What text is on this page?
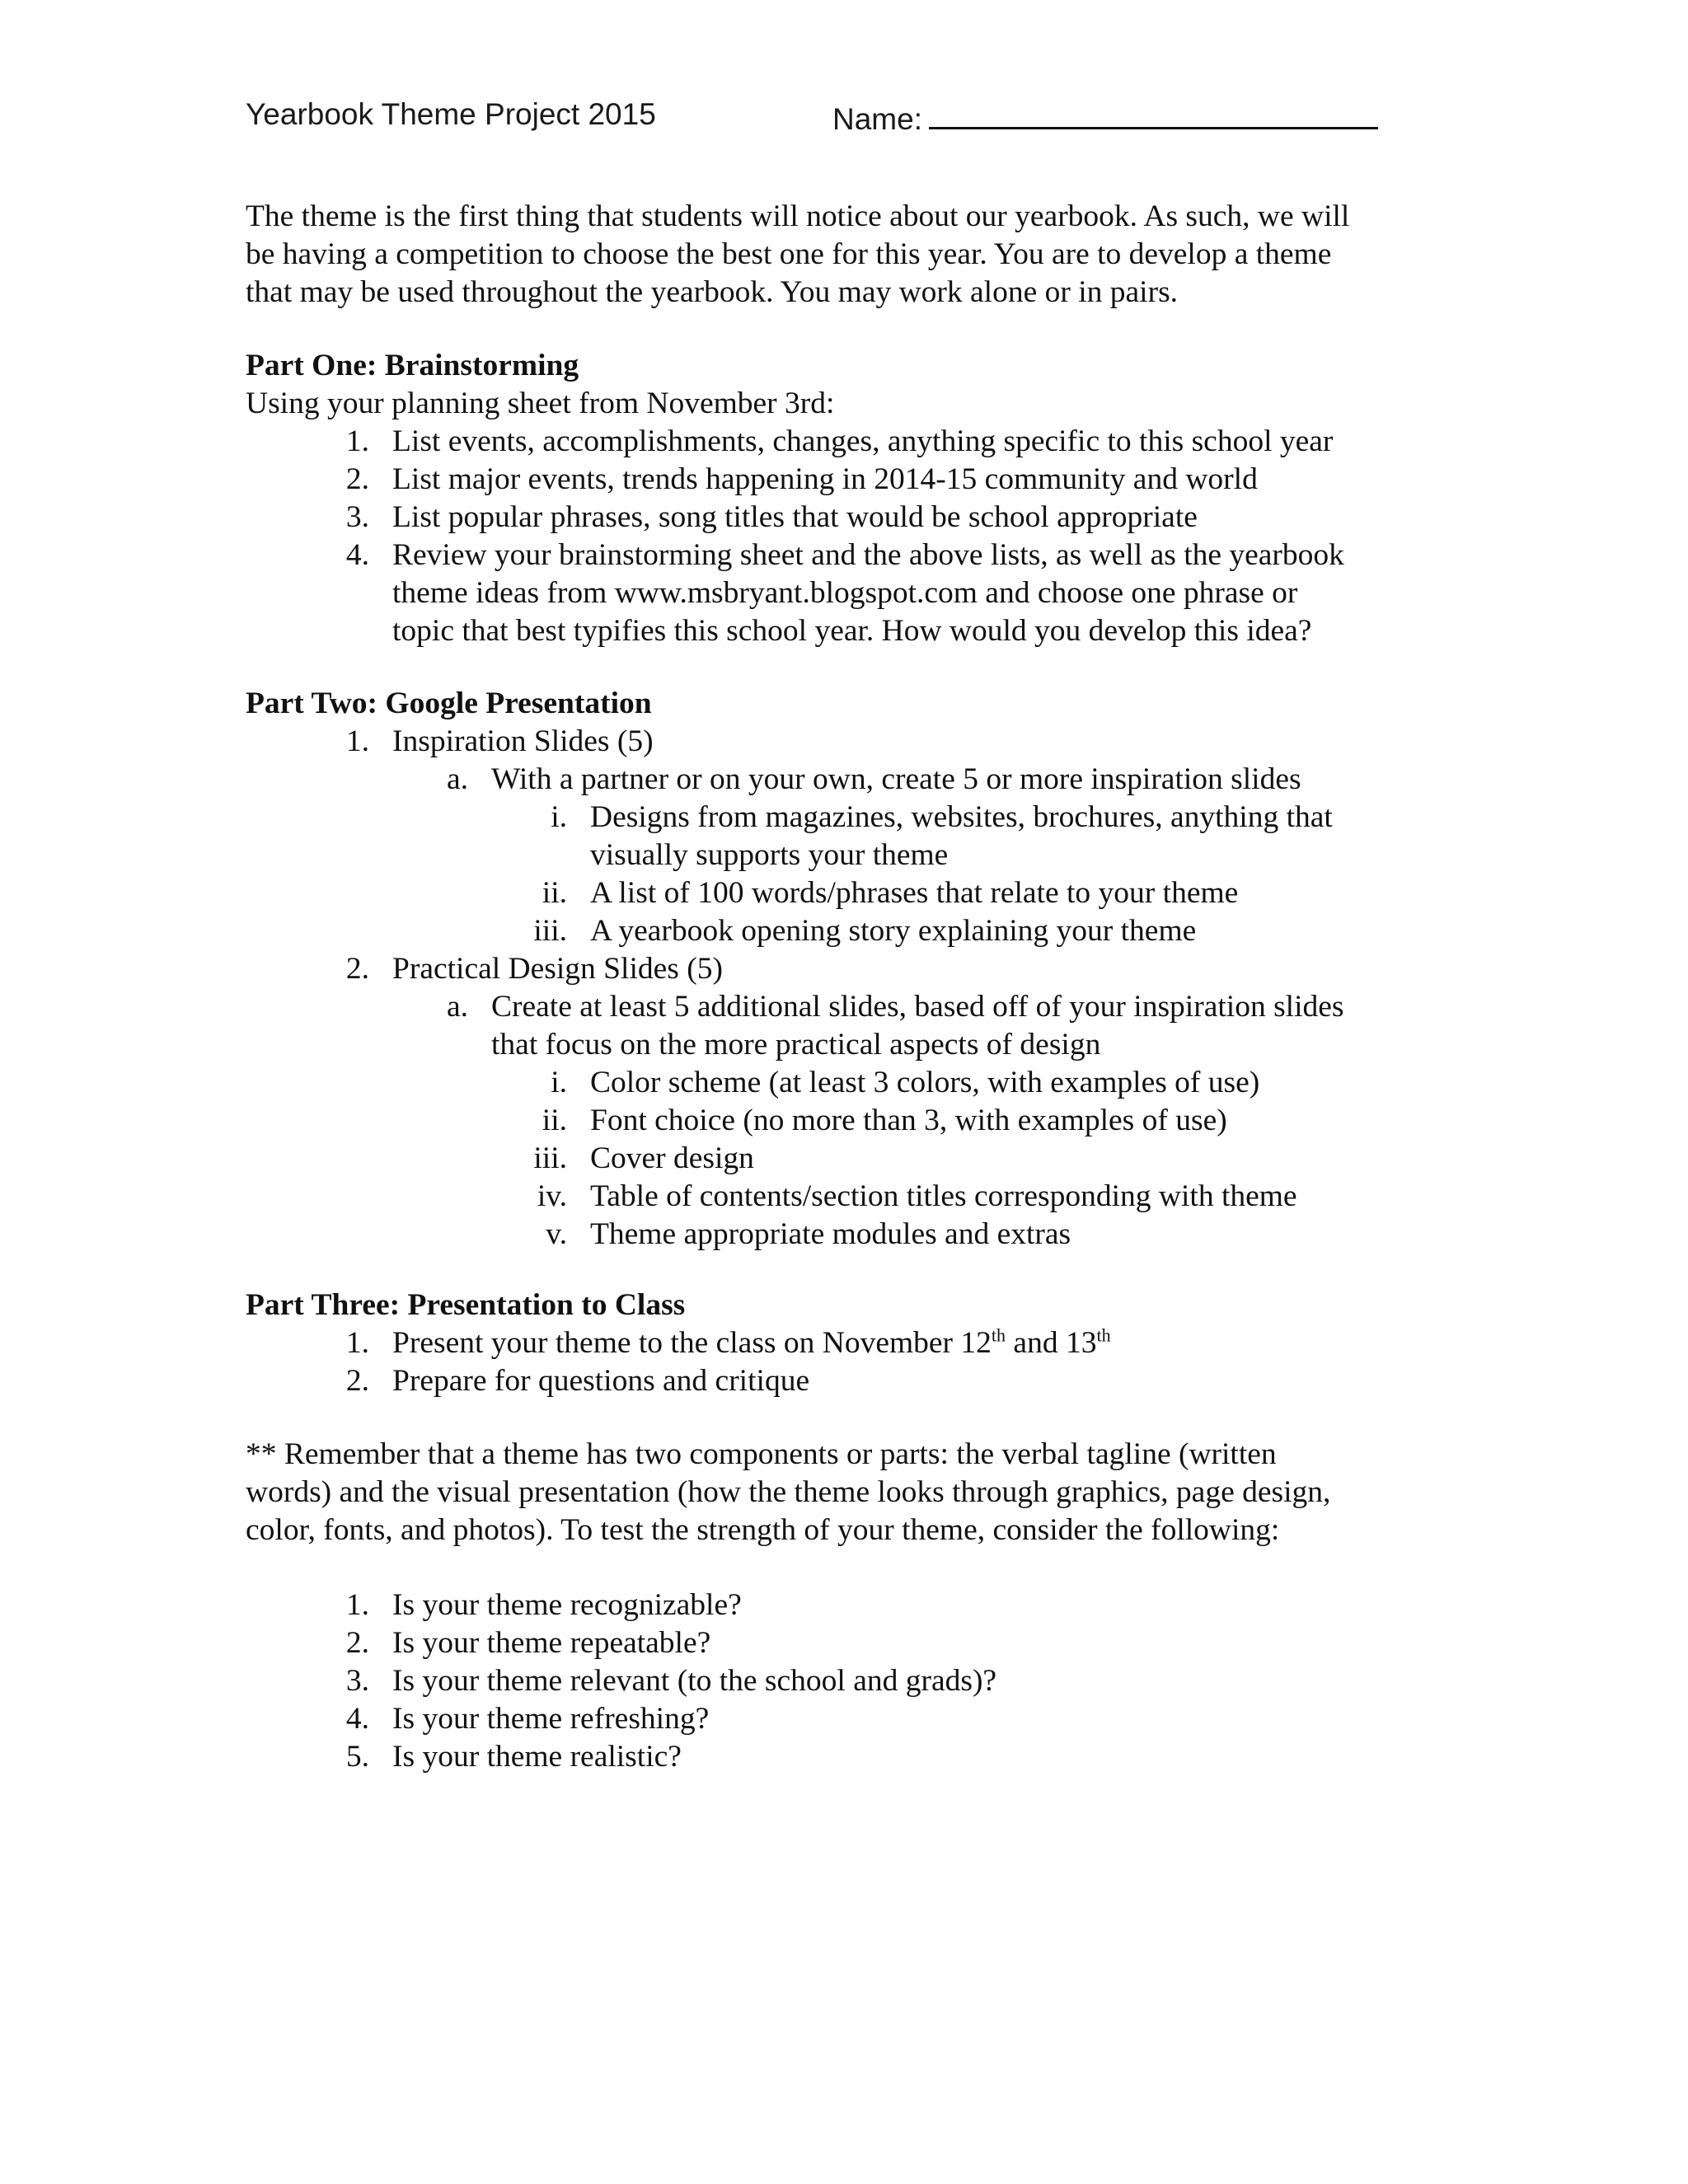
Yearbook Theme Project 2015	Name:

The theme is the first thing that students will notice about our yearbook. As such, we will

be having a competition to choose the best one for this year. You are to develop a theme

that may be used throughout the yearbook. You may work alone or in pairs.

Part One: Brainstorming

Using your planning sheet from November 3rd:

1. List events, accomplishments, changes, anything specific to this school year
2. List major events, trends happening in 2014-15 community and world
3. List popular phrases, song titles that would be school appropriate
4. Review your brainstorming sheet and the above lists, as well as the yearbook
theme ideas from www.msbryant.blogspot.com and choose one phrase or
topic that best typifies this school year. How would you develop this idea?

Part Two: Google Presentation

1. Inspiration Slides (5)
a. With a partner or on your own, create 5 or more inspiration slides
i. Designs from magazines, websites, brochures, anything that
visually supports your theme
ii. A list of 100 words/phrases that relate to your theme
iii. A yearbook opening story explaining your theme
2. Practical Design Slides (5)
a. Create at least 5 additional slides, based off of your inspiration slides
that focus on the more practical aspects of design
i. Color scheme (at least 3 colors, with examples of use)
ii. Font choice (no more than 3, with examples of use)
iii. Cover design
iv. Table of contents/section titles corresponding with theme
v. Theme appropriate modules and extras

Part Three: Presentation to Class

1. Present your theme to the class on November 12th and 13th
2. Prepare for questions and critique

** Remember that a theme has two components or parts: the verbal tagline (written

words) and the visual presentation (how the theme looks through graphics, page design,

color, fonts, and photos). To test the strength of your theme, consider the following:

1. Is your theme recognizable?
2. Is your theme repeatable?
3. Is your theme relevant (to the school and grads)?
4. Is your theme refreshing?
5. Is your theme realistic?
